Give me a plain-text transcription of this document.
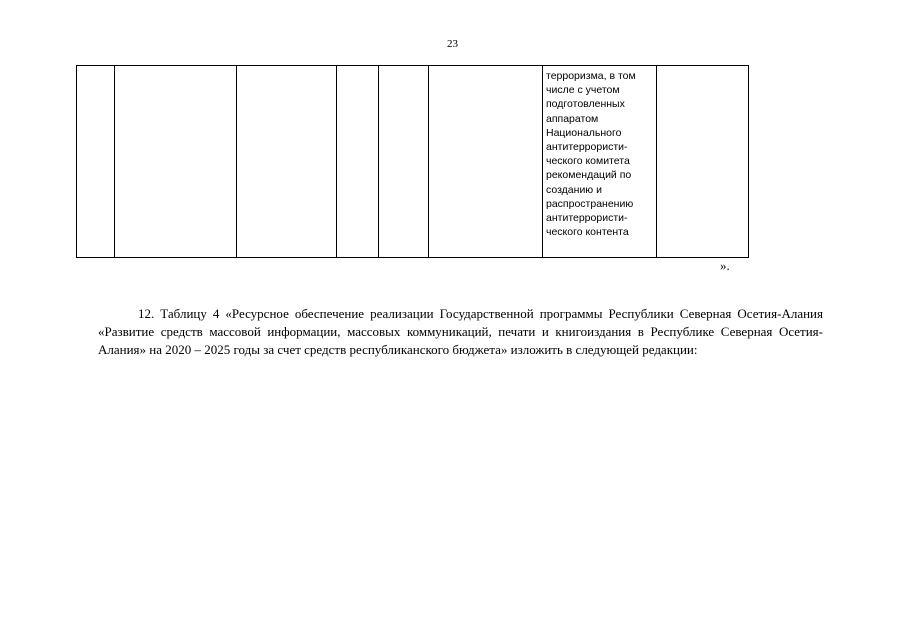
23
						терроризма, в том
числе с учетом
подготовленных
аппаратом
Национального
антитеррористи-
ческого комитета
рекомендаций по
созданию и
распространению
антитеррористи-
ческого контента	
».

12. Таблицу 4 «Ресурсное обеспечение реализации Государственной программы Республики Северная Осетия-Алания «Развитие средств массовой информации, массовых коммуникаций, печати и книгоиздания в Республике Северная Осетия-Алания» на 2020 – 2025 годы за счет средств республиканского бюджета» изложить в следующей редакции:
